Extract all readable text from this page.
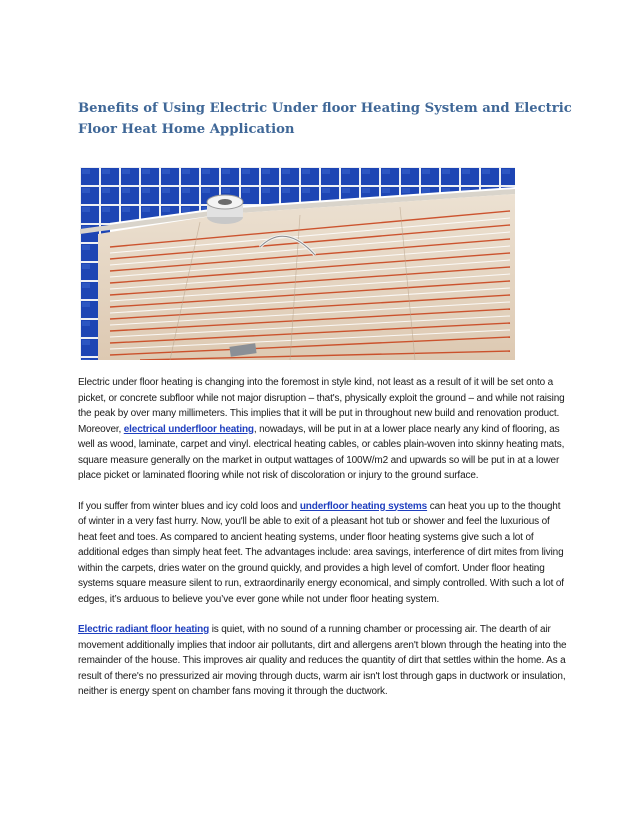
Benefits of Using Electric Under floor Heating System and Electric Floor Heat Home Application

Electric under floor heating is changing into the foremost in style kind, not least as a result of it will be set onto a picket, or concrete subfloor while not major disruption – that's, physically exploit the ground – and while not raising the peak by over many millimeters. This implies that it will be put in throughout new build and renovation product. Moreover, electrical underfloor heating, nowadays, will be put in at a lower place nearly any kind of flooring, as well as wood, laminate, carpet and vinyl. electrical heating cables, or cables plain-woven into skinny heating mats, square measure generally on the market in output wattages of 100W/m2 and upwards so will be put in at a lower place picket or laminated flooring while not risk of discoloration or injury to the ground surface.

If you suffer from winter blues and icy cold loos and underfloor heating systems can heat you up to the thought of winter in a very fast hurry. Now, you'll be able to exit of a pleasant hot tub or shower and feel the luxurious of heat feet and toes. As compared to ancient heating systems, under floor heating systems give such a lot of additional edges than simply heat feet. The advantages include: area savings, interference of dirt mites from living within the carpets, dries water on the ground quickly, and provides a high level of comfort. Under floor heating systems square measure silent to run, extraordinarily energy economical, and simply controlled. With such a lot of edges, it’s arduous to believe you’ve ever gone while not under floor heating system.

Electric radiant floor heating is quiet, with no sound of a running chamber or processing air. The dearth of air movement additionally implies that indoor air pollutants, dirt and allergens aren't blown through the heating into the remainder of the house. This improves air quality and reduces the quantity of dirt that settles within the home. As a result of there's no pressurized air moving through ducts, warm air isn't lost through gaps in ductwork or insulation, neither is energy spent on chamber fans moving it through the ductwork.
